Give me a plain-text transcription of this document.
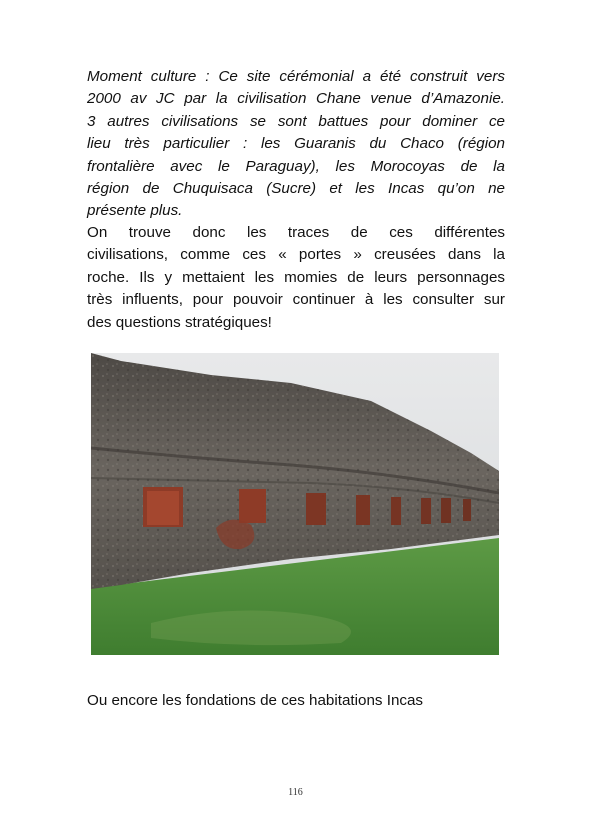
Moment culture : Ce site cérémonial a été construit vers
2000 av JC par la civilisation Chane venue d’Amazonie.
3 autres civilisations se sont battues pour dominer ce
lieu très particulier : les Guaranis du Chaco (région
frontalière avec le Paraguay), les Morocoyas de la
région de Chuquisaca (Sucre) et les Incas qu’on ne
présente plus.
On trouve donc les traces de ces différentes
civilisations, comme ces « portes » creusées dans la
roche. Ils y mettaient les momies de leurs personnages
très influents, pour pouvoir continuer à les consulter sur
des questions stratégiques!
Ou encore les fondations de ces habitations Incas
116
